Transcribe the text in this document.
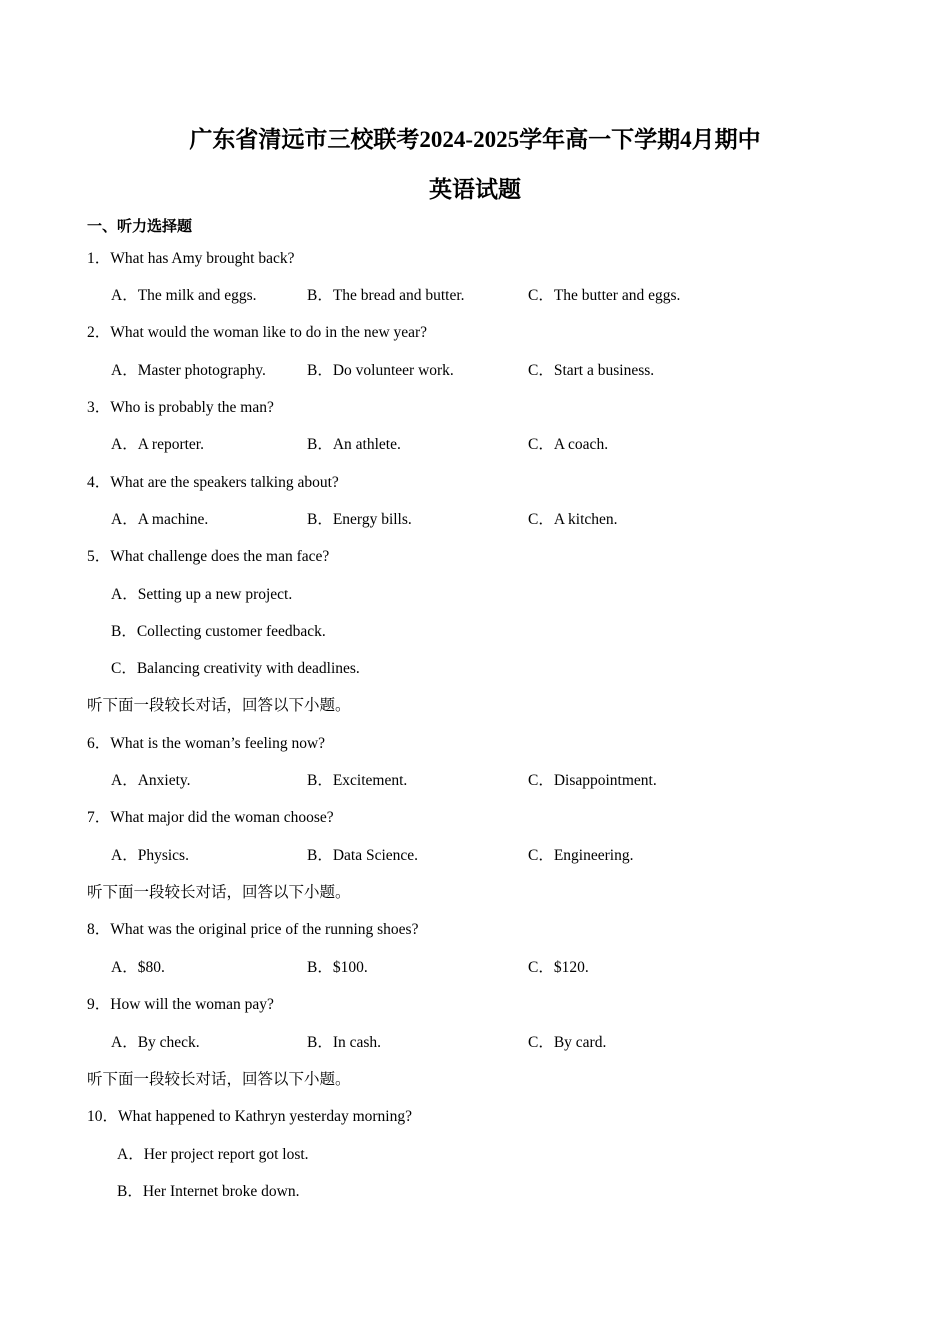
广东省清远市三校联考2024-2025学年高一下学期4月期中
英语试题
一、听力选择题
1．What has Amy brought back?
A．The milk and eggs.	B．The bread and butter.	C．The butter and eggs.
2．What would the woman like to do in the new year?
A．Master photography.	B．Do volunteer work.	C．Start a business.
3．Who is probably the man?
A．A reporter.	B．An athlete.	C．A coach.
4．What are the speakers talking about?
A．A machine.	B．Energy bills.	C．A kitchen.
5．What challenge does the man face?
A．Setting up a new project.
B．Collecting customer feedback.
C．Balancing creativity with deadlines.
听下面一段较长对话，回答以下小题。
6．What is the woman’s feeling now?
A．Anxiety.	B．Excitement.	C．Disappointment.
7．What major did the woman choose?
A．Physics.	B．Data Science.	C．Engineering.
听下面一段较长对话，回答以下小题。
8．What was the original price of the running shoes?
A．$80.	B．$100.	C．$120.
9．How will the woman pay?
A．By check.	B．In cash.	C．By card.
听下面一段较长对话，回答以下小题。
10．What happened to Kathryn yesterday morning?
A．Her project report got lost.
B．Her Internet broke down.
